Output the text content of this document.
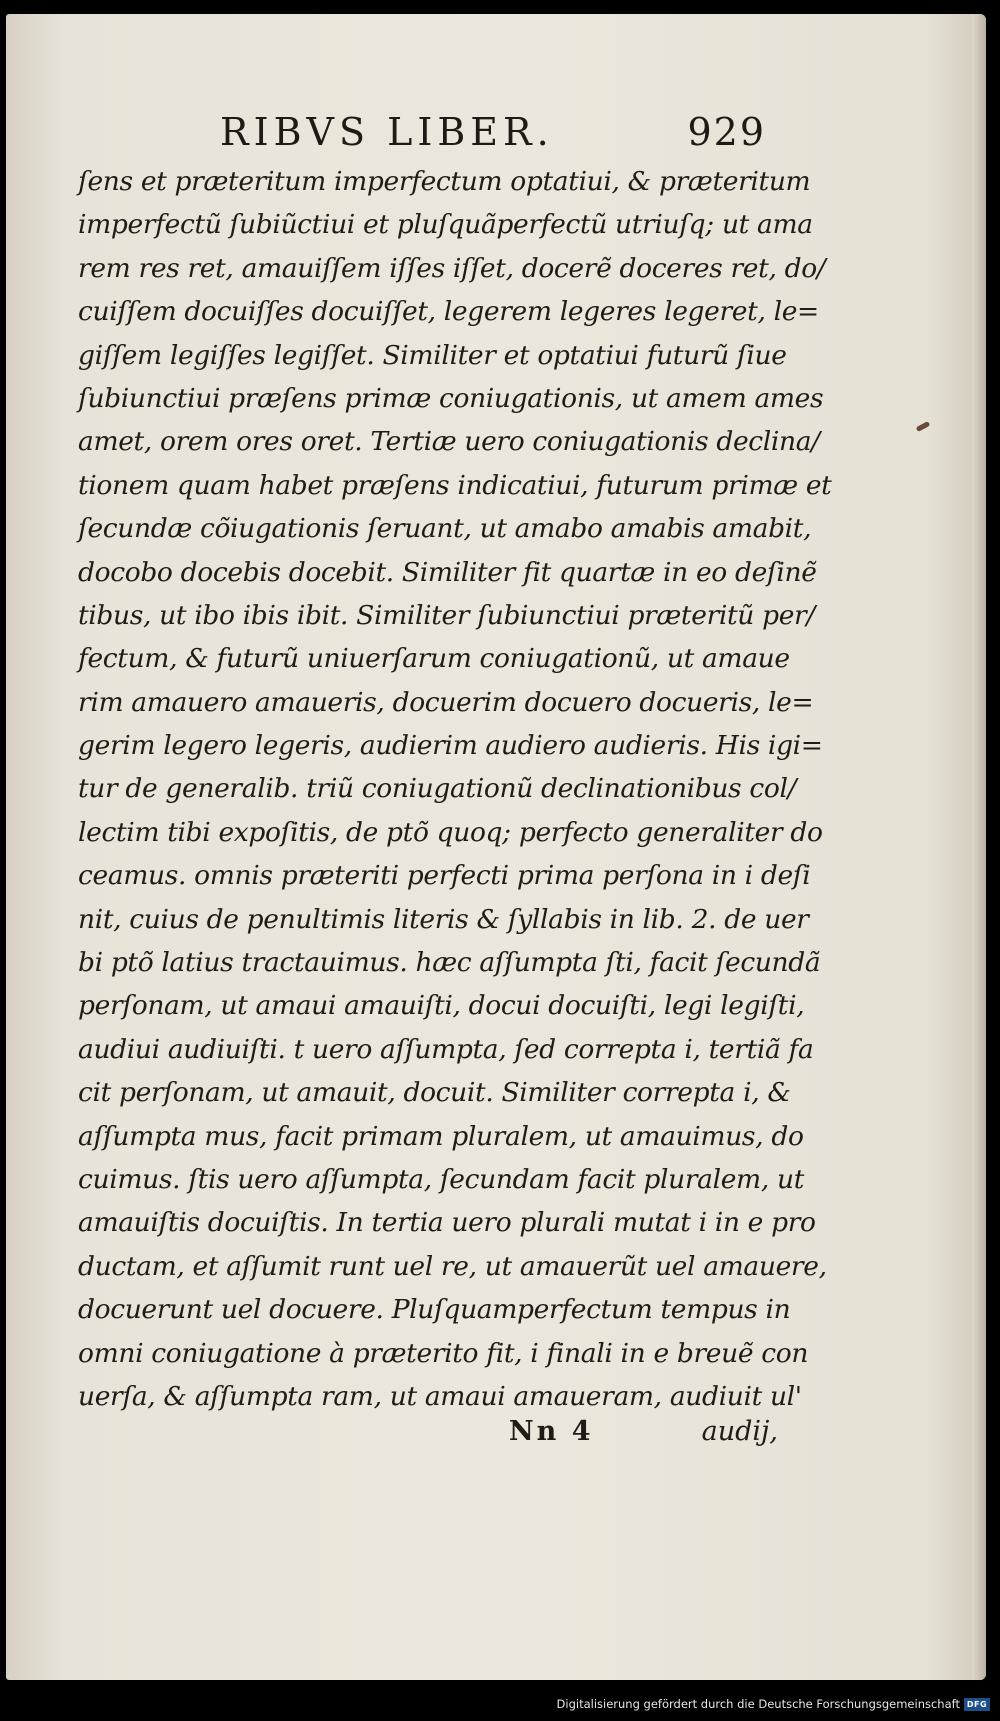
RIBVS LIBER.	929
ſens et præteritum imperfectum optatiui, & præteritum
imperfectũ ſubiũctiui et pluſquãperfectũ utriuſq; ut ama
rem res ret, amauiſſem iſſes iſſet, docerẽ doceres ret, do/
cuiſſem docuiſſes docuiſſet, legerem legeres legeret, le=
giſſem legiſſes legiſſet. Similiter et optatiui futurũ ſiue
ſubiunctiui præſens primæ coniugationis, ut amem ames
amet, orem ores oret. Tertiæ uero coniugationis declina/
tionem quam habet præſens indicatiui, futurum primæ et
ſecundæ cõiugationis ſeruant, ut amabo amabis amabit,
docobo docebis docebit. Similiter fit quartæ in eo deſinẽ
tibus, ut ibo ibis ibit. Similiter ſubiunctiui præteritũ per/
fectum, & futurũ uniuerſarum coniugationũ, ut amaue
rim amauero amaueris, docuerim docuero docueris, le=
gerim legero legeris, audierim audiero audieris. His igi=
tur de generalib. triũ coniugationũ declinationibus col/
lectim tibi expoſitis, de ptõ quoq; perfecto generaliter do
ceamus. omnis præteriti perfecti prima perſona in i deſi
nit, cuius de penultimis literis & ſyllabis in lib. 2. de uer
bi ptõ latius tractauimus. hæc aſſumpta ſti, facit ſecundã
perſonam, ut amaui amauiſti, docui docuiſti, legi legiſti,
audiui audiuiſti. t uero aſſumpta, ſed correpta i, tertiã fa
cit perſonam, ut amauit, docuit. Similiter correpta i, &
aſſumpta mus, facit primam pluralem, ut amauimus, do
cuimus. ſtis uero aſſumpta, ſecundam facit pluralem, ut
amauiſtis docuiſtis. In tertia uero plurali mutat i in e pro
ductam, et aſſumit runt uel re, ut amauerũt uel amauere,
docuerunt uel docuere. Pluſquamperfectum tempus in
omni coniugatione à præterito fit, i finali in e breuẽ con
uerſa, & aſſumpta ram, ut amaui amaueram, audiuit ul'
Nn 4	audij,
Digitalisierung gefördert durch die Deutsche Forschungsgemeinschaft DFG
